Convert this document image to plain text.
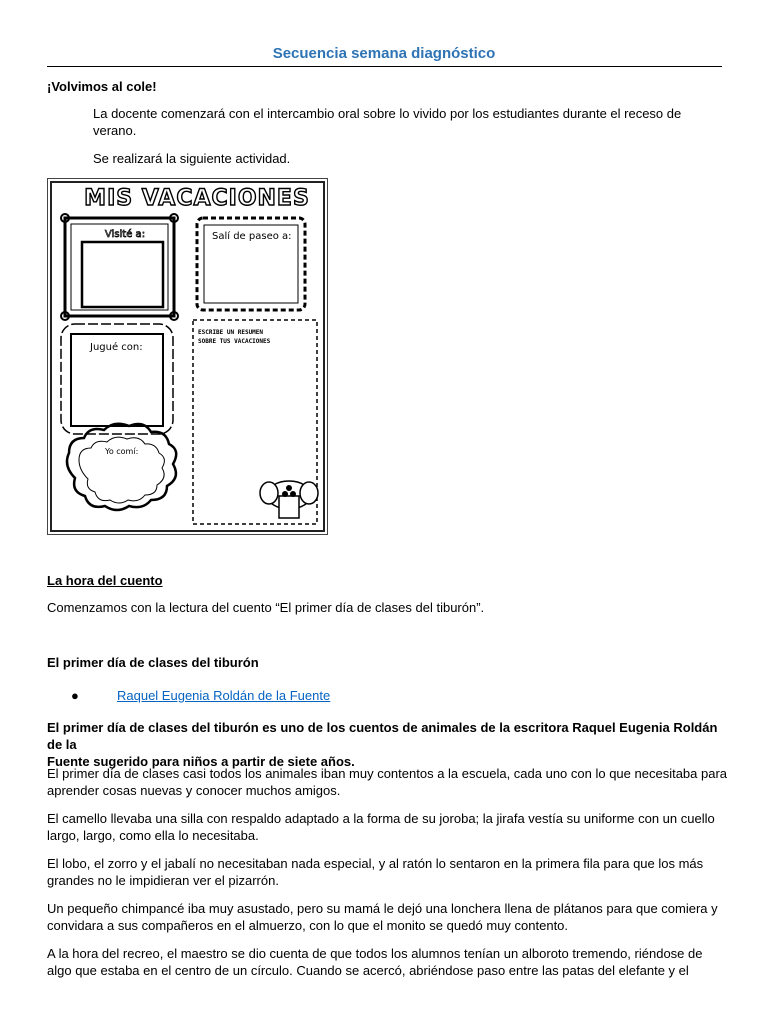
Secuencia semana diagnóstico
¡Volvimos al cole!
La docente comenzará con el intercambio oral sobre lo vivido por los estudiantes durante el receso de
verano.
Se realizará la siguiente actividad.
MIS VACACIONES
Visité a:	Salí de paseo a:
Jugué con:
ESCRIBE UN RESUMEN
SOBRE TUS VACACIONES
Yo comí:
La hora del cuento
Comenzamos con la lectura del cuento “El primer día de clases del tiburón”.
El primer día de clases del tiburón
●	Raquel Eugenia Roldán de la Fuente
El primer día de clases del tiburón es uno de los cuentos de animales de la escritora Raquel Eugenia Roldán de la
Fuente sugerido para niños a partir de siete años.
El primer día de clases casi todos los animales iban muy contentos a la escuela, cada uno con lo que necesitaba para
aprender cosas nuevas y conocer muchos amigos.
El camello llevaba una silla con respaldo adaptado a la forma de su joroba; la jirafa vestía su uniforme con un cuello
largo, largo, como ella lo necesitaba.
El lobo, el zorro y el jabalí no necesitaban nada especial, y al ratón lo sentaron en la primera fila para que los más
grandes no le impidieran ver el pizarrón.
Un pequeño chimpancé iba muy asustado, pero su mamá le dejó una lonchera llena de plátanos para que comiera y
convidara a sus compañeros en el almuerzo, con lo que el monito se quedó muy contento.
A la hora del recreo, el maestro se dio cuenta de que todos los alumnos tenían un alboroto tremendo, riéndose de
algo que estaba en el centro de un círculo. Cuando se acercó, abriéndose paso entre las patas del elefante y el
